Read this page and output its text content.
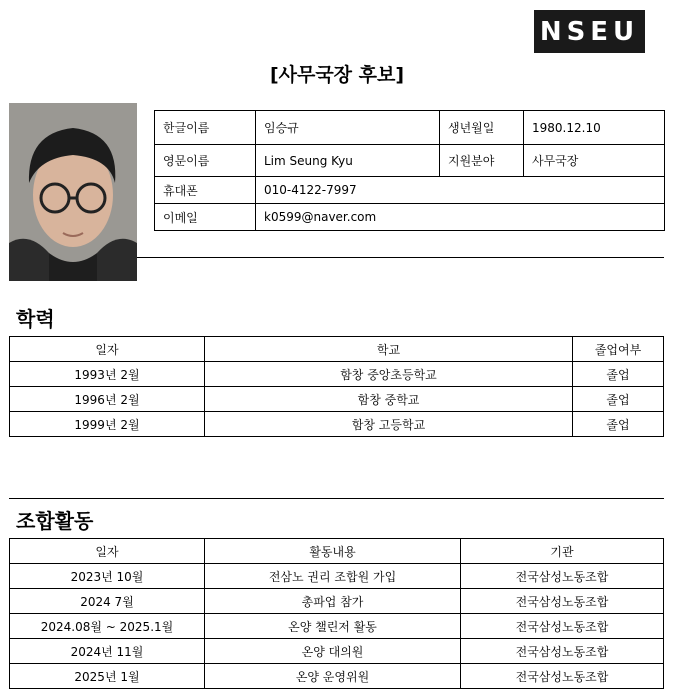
NSEU
[사무국장 후보]
한글이름	임승규	생년월일	1980.12.10
영문이름	Lim Seung Kyu	지원분야	사무국장
휴대폰	010-4122-7997		
이메일	k0599@naver.com		
학력
일자	학교	졸업여부
1993년 2월	함창 중앙초등학교	졸업
1996년 2월	함창 중학교	졸업
1999년 2월	함창 고등학교	졸업
조합활동
일자	활동내용	기관
2023년 10월	전삼노 권리 조합원 가입	전국삼성노동조합
2024 7월	총파업 참가	전국삼성노동조합
2024.08월 ~ 2025.1월	온양 챌린저 활동	전국삼성노동조합
2024년 11월	온양 대의원	전국삼성노동조합
2025년 1월	온양 운영위원	전국삼성노동조합
